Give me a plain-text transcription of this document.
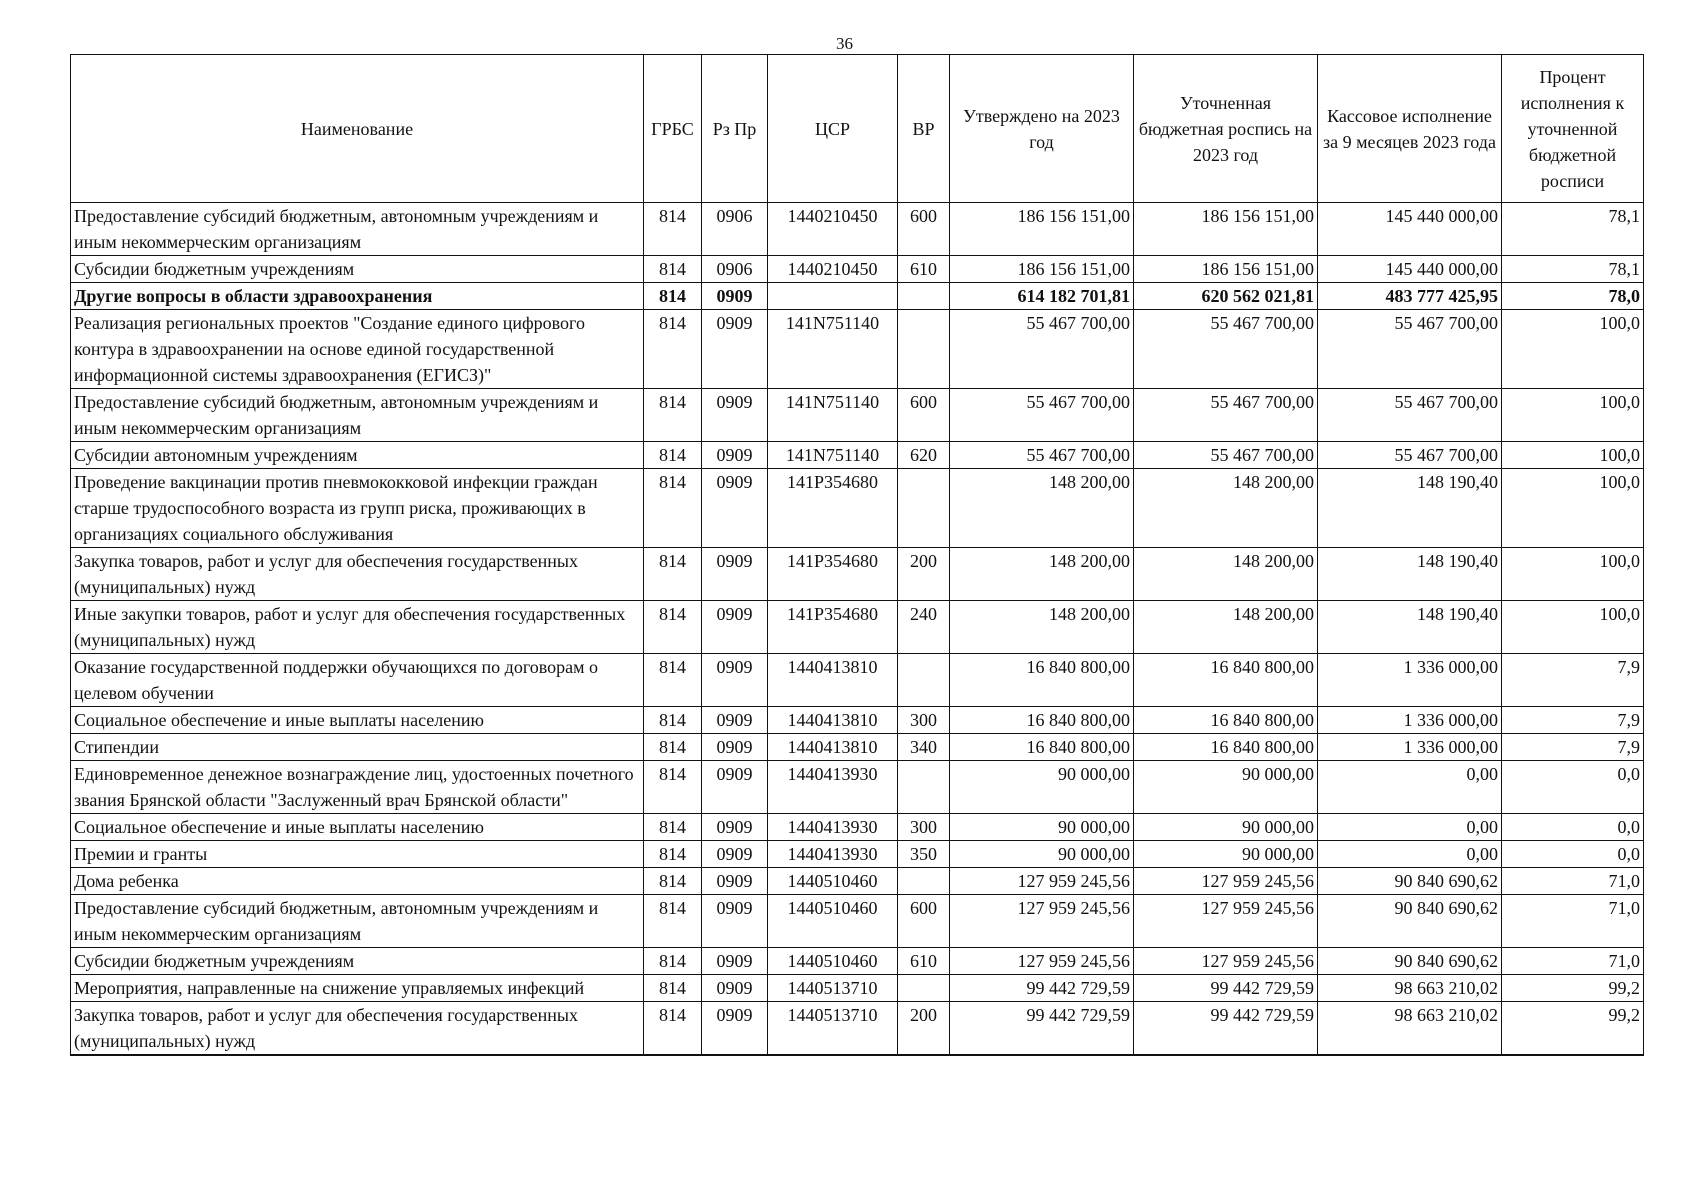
36
Наименование	ГРБС	Рз Пр	ЦСР	ВР	Утверждено на 2023 год	Уточненная бюджетная роспись на 2023 год	Кассовое исполнение за 9 месяцев 2023 года	Процент исполнения к уточненной бюджетной росписи
Предоставление субсидий бюджетным, автономным учреждениям и иным некоммерческим организациям	814	0906	1440210450	600	186 156 151,00	186 156 151,00	145 440 000,00	78,1
Субсидии бюджетным учреждениям	814	0906	1440210450	610	186 156 151,00	186 156 151,00	145 440 000,00	78,1
Другие вопросы в области здравоохранения	814	0909			614 182 701,81	620 562 021,81	483 777 425,95	78,0
Реализация региональных проектов "Создание единого цифрового контура в здравоохранении на основе единой государственной информационной системы здравоохранения (ЕГИСЗ)"	814	0909	141N751140		55 467 700,00	55 467 700,00	55 467 700,00	100,0
Предоставление субсидий бюджетным, автономным учреждениям и иным некоммерческим организациям	814	0909	141N751140	600	55 467 700,00	55 467 700,00	55 467 700,00	100,0
Субсидии автономным учреждениям	814	0909	141N751140	620	55 467 700,00	55 467 700,00	55 467 700,00	100,0
Проведение вакцинации против пневмококковой инфекции граждан старше трудоспособного возраста из групп риска, проживающих в организациях социального обслуживания	814	0909	141P354680		148 200,00	148 200,00	148 190,40	100,0
Закупка товаров, работ и услуг для обеспечения государственных (муниципальных) нужд	814	0909	141P354680	200	148 200,00	148 200,00	148 190,40	100,0
Иные закупки товаров, работ и услуг для обеспечения государственных (муниципальных) нужд	814	0909	141P354680	240	148 200,00	148 200,00	148 190,40	100,0
Оказание государственной поддержки обучающихся по договорам о целевом обучении	814	0909	1440413810		16 840 800,00	16 840 800,00	1 336 000,00	7,9
Социальное обеспечение и иные выплаты населению	814	0909	1440413810	300	16 840 800,00	16 840 800,00	1 336 000,00	7,9
Стипендии	814	0909	1440413810	340	16 840 800,00	16 840 800,00	1 336 000,00	7,9
Единовременное денежное вознаграждение лиц, удостоенных почетного звания Брянской области "Заслуженный врач Брянской области"	814	0909	1440413930		90 000,00	90 000,00	0,00	0,0
Социальное обеспечение и иные выплаты населению	814	0909	1440413930	300	90 000,00	90 000,00	0,00	0,0
Премии и гранты	814	0909	1440413930	350	90 000,00	90 000,00	0,00	0,0
Дома ребенка	814	0909	1440510460		127 959 245,56	127 959 245,56	90 840 690,62	71,0
Предоставление субсидий бюджетным, автономным учреждениям и иным некоммерческим организациям	814	0909	1440510460	600	127 959 245,56	127 959 245,56	90 840 690,62	71,0
Субсидии бюджетным учреждениям	814	0909	1440510460	610	127 959 245,56	127 959 245,56	90 840 690,62	71,0
Мероприятия, направленные на снижение управляемых инфекций	814	0909	1440513710		99 442 729,59	99 442 729,59	98 663 210,02	99,2
Закупка товаров, работ и услуг для обеспечения государственных (муниципальных) нужд	814	0909	1440513710	200	99 442 729,59	99 442 729,59	98 663 210,02	99,2
